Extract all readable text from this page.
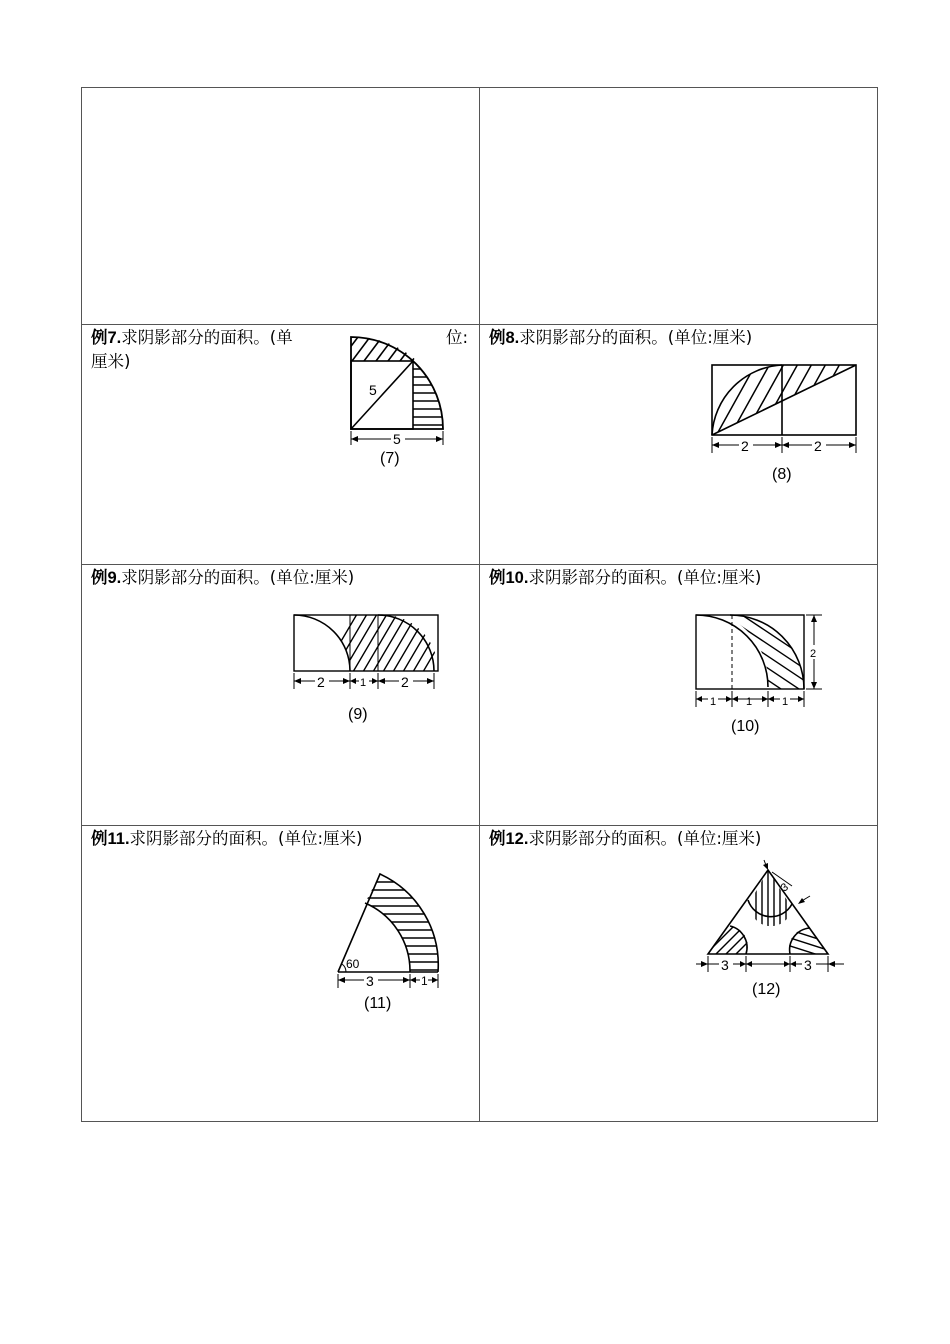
例7.求阴影部分的面积。(单	位:
厘米)
5
5
(7)
例8.求阴影部分的面积。(单位:厘米)
2	2
(8)
例9.求阴影部分的面积。(单位:厘米)
2	1 2
(9)
例10.求阴影部分的面积。(单位:厘米)
1	1	1
2
(10)
例11.求阴影部分的面积。(单位:厘米)
60
3	1
(11)
例12.求阴影部分的面积。(单位:厘米)
3
3	3
(12)
